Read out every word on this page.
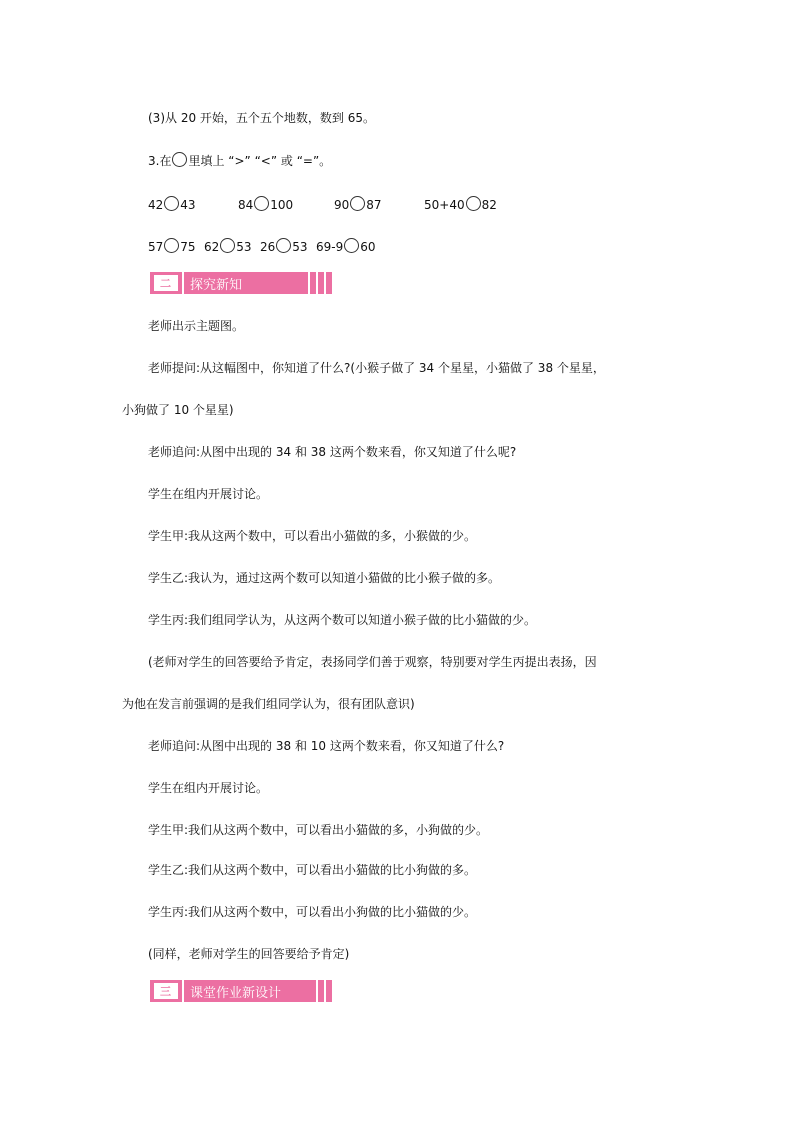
(3)从 20 开始，五个五个地数，数到 65。
3.在 里填上 “>” “<” 或 “=”。
42 43	84 100	90 87	50+40 82
57 75 62 53 26 53 69-9 60
二	探究新知
老师出示主题图。
老师提问:从这幅图中，你知道了什么?(小猴子做了 34 个星星，小猫做了 38 个星星，
小狗做了 10 个星星)
老师追问:从图中出现的 34 和 38 这两个数来看，你又知道了什么呢?
学生在组内开展讨论。
学生甲:我从这两个数中，可以看出小猫做的多，小猴做的少。
学生乙:我认为，通过这两个数可以知道小猫做的比小猴子做的多。
学生丙:我们组同学认为，从这两个数可以知道小猴子做的比小猫做的少。
(老师对学生的回答要给予肯定，表扬同学们善于观察，特别要对学生丙提出表扬，因
为他在发言前强调的是我们组同学认为，很有团队意识)
老师追问:从图中出现的 38 和 10 这两个数来看，你又知道了什么?
学生在组内开展讨论。
学生甲:我们从这两个数中，可以看出小猫做的多，小狗做的少。
学生乙:我们从这两个数中，可以看出小猫做的比小狗做的多。
学生丙:我们从这两个数中，可以看出小狗做的比小猫做的少。
(同样，老师对学生的回答要给予肯定)
三	课堂作业新设计
